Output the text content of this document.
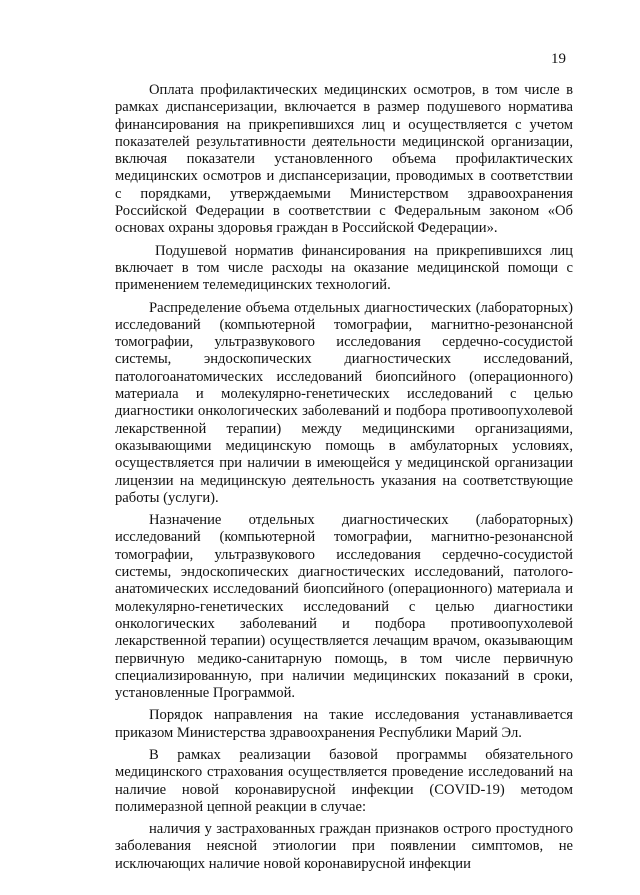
19

Оплата профилактических медицинских осмотров, в том числе в рамках диспансеризации, включается в размер подушевого норматива финансирования на прикрепившихся лиц и осуществляется с учетом показателей результативности деятельности медицинской организации, включая показатели установленного объема профилактических медицинских осмотров и диспансеризации, проводимых в соответствии с порядками, утверждаемыми Министерством здравоохранения Российской Федерации в соответствии с Федеральным законом «Об основах охраны здоровья граждан в Российской Федерации».

Подушевой норматив финансирования на прикрепившихся лиц включает в том числе расходы на оказание медицинской помощи с применением телемедицинских технологий.

Распределение объема отдельных диагностических (лабораторных) исследований (компьютерной томографии, магнитно-резонансной томографии, ультразвукового исследования сердечно-сосудистой системы, эндоскопических диагностических исследований, патологоанатомических исследований биопсийного (операционного) материала и молекулярно-генетических исследований с целью диагностики онкологических заболеваний и подбора противоопухолевой лекарственной терапии) между медицинскими организациями, оказывающими медицинскую помощь в амбулаторных условиях, осуществляется при наличии в имеющейся у медицинской организации лицензии на медицинскую деятельность указания на соответствующие работы (услуги).

Назначение отдельных диагностических (лабораторных) исследований (компьютерной томографии, магнитно-резонансной томографии, ультразвукового исследования сердечно-сосудистой системы, эндоскопических диагностических исследований, патолого-анатомических исследований биопсийного (операционного) материала и молекулярно-генетических исследований с целью диагностики онкологических заболеваний и подбора противоопухолевой лекарственной терапии) осуществляется лечащим врачом, оказывающим первичную медико-санитарную помощь, в том числе первичную специализированную, при наличии медицинских показаний в сроки, установленные Программой.

Порядок направления на такие исследования устанавливается приказом Министерства здравоохранения Республики Марий Эл.

В рамках реализации базовой программы обязательного медицинского страхования осуществляется проведение исследований на наличие новой коронавирусной инфекции (COVID-19) методом полимеразной цепной реакции в случае:

наличия у застрахованных граждан признаков острого простудного заболевания неясной этиологии при появлении симптомов, не исключающих наличие новой коронавирусной инфекции
